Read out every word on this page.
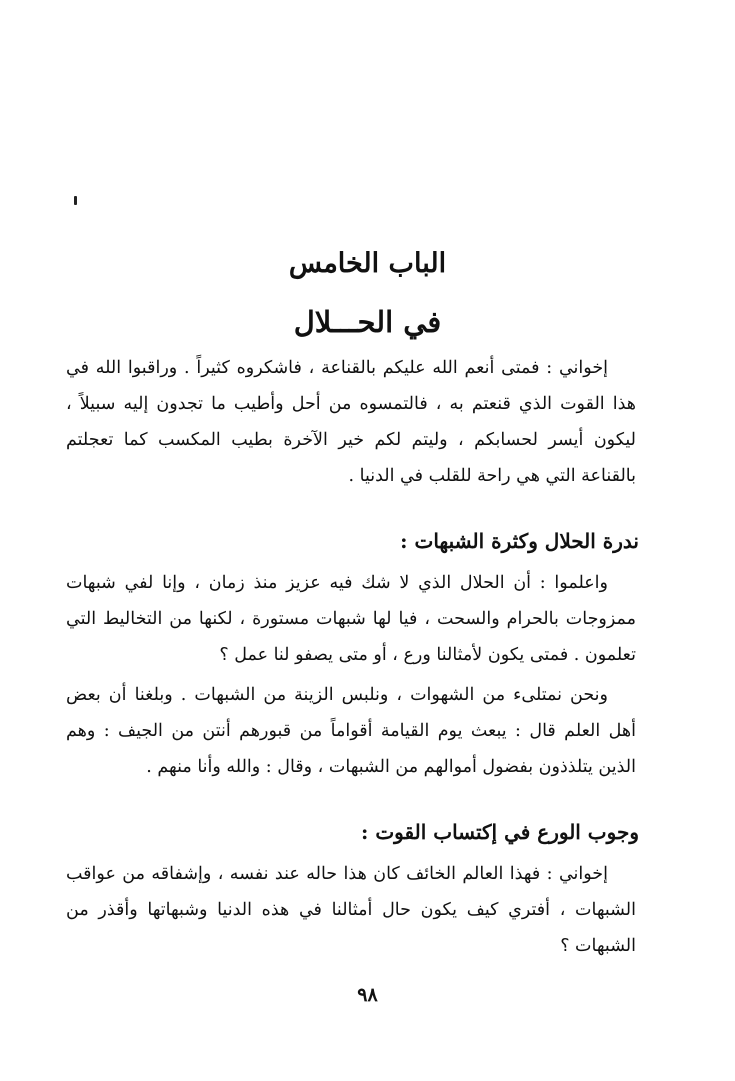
الباب الخامس
في الحـــلال
إخواني : فمتى أنعم الله عليكم بالقناعة ، فاشكروه كثيراً . وراقبوا الله في هذا القوت الذي قنعتم به ، فالتمسوه من أحل وأطيب ما تجدون إليه سبيلاً ، ليكون أيسر لحسابكم ، وليتم لكم خير الآخرة بطيب المكسب كما تعجلتم بالقناعة التي هي راحة للقلب في الدنيا .
ندرة الحلال وكثرة الشبهات :
واعلموا : أن الحلال الذي لا شك فيه عزيز منذ زمان ، وإنا لفي شبهات ممزوجات بالحرام والسحت ، فيا لها شبهات مستورة ، لكنها من التخاليط التي تعلمون . فمتى يكون لأمثالنا ورع ، أو متى يصفو لنا عمل ؟
ونحن نمتلىء من الشهوات ، ونلبس الزينة من الشبهات . وبلغنا أن بعض أهل العلم قال : يبعث يوم القيامة أقواماً من قبورهم أنتن من الجيف : وهم الذين يتلذذون بفضول أموالهم من الشبهات ، وقال : والله وأنا منهم .
وجوب الورع في إكتساب القوت :
إخواني : فهذا العالم الخائف كان هذا حاله عند نفسه ، وإشفاقه من عواقب الشبهات ، أفتري كيف يكون حال أمثالنا في هذه الدنيا وشبهاتها وأقذر من الشبهات ؟
٩٨
